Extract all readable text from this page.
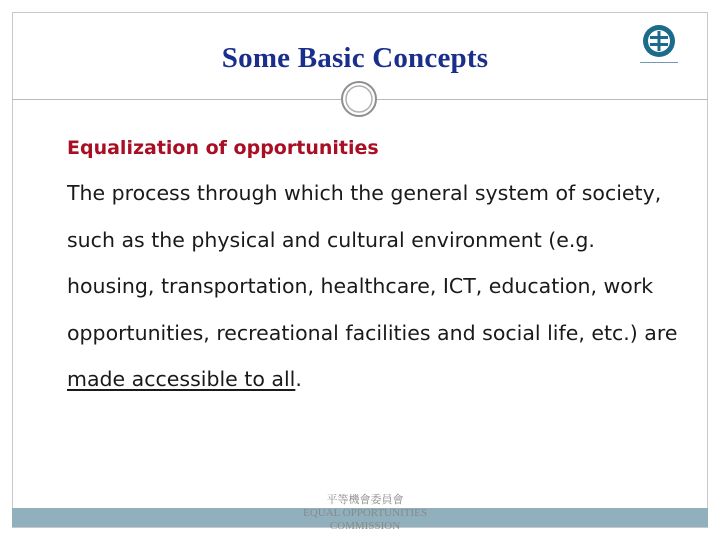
Some Basic Concepts
Equalization of opportunities

The process through which the general system of society, such as the physical and cultural environment (e.g. housing, transportation, healthcare, ICT, education, work opportunities, recreational facilities and social life, etc.) are made accessible to all.

平等機會委員會
EQUAL OPPORTUNITIES
COMMISSION
